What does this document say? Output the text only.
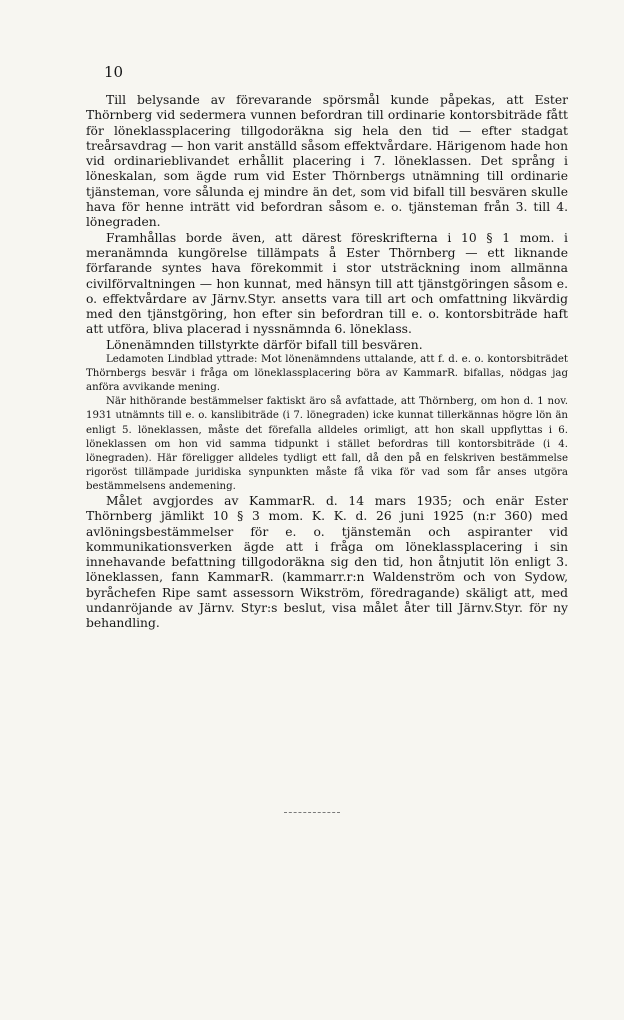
10

Till belysande av förevarande spörsmål kunde påpekas, att Ester Thörnberg vid sedermera vunnen befordran till ordinarie kontorsbiträde fått för löneklassplacering tillgodoräkna sig hela den tid — efter stadgat treårsavdrag — hon varit anställd såsom effektvårdare. Härigenom hade hon vid ordinarieblivandet erhållit placering i 7. löneklassen. Det språng i löneskalan, som ägde rum vid Ester Thörnbergs utnämning till ordinarie tjänsteman, vore sålunda ej mindre än det, som vid bifall till besvären skulle hava för henne inträtt vid befordran såsom e. o. tjänsteman från 3. till 4. lönegraden.

Framhållas borde även, att därest föreskrifterna i 10 § 1 mom. i meranämnda kungörelse tillämpats å Ester Thörnberg — ett liknande förfarande syntes hava förekommit i stor utsträckning inom allmänna civilförvaltningen — hon kunnat, med hänsyn till att tjänstgöringen såsom e. o. effektvårdare av Järnv.Styr. ansetts vara till art och omfattning likvärdig med den tjänstgöring, hon efter sin befordran till e. o. kontorsbiträde haft att utföra, bliva placerad i nyssnämnda 6. löneklass.

Lönenämnden tillstyrkte därför bifall till besvären.

Ledamoten Lindblad yttrade: Mot lönenämndens uttalande, att f. d. e. o. kontorsbiträdet Thörnbergs besvär i fråga om löneklassplacering böra av KammarR. bifallas, nödgas jag anföra avvikande mening.

När hithörande bestämmelser faktiskt äro så avfattade, att Thörnberg, om hon d. 1 nov. 1931 utnämnts till e. o. kanslibiträde (i 7. lönegraden) icke kunnat tillerkännas högre lön än enligt 5. löneklassen, måste det förefalla alldeles orimligt, att hon skall uppflyttas i 6. löneklassen om hon vid samma tidpunkt i stället befordras till kontorsbiträde (i 4. lönegraden). Här föreligger alldeles tydligt ett fall, då den på en felskriven bestämmelse rigoröst tillämpade juridiska synpunkten måste få vika för vad som får anses utgöra bestämmelsens andemening.

Målet avgjordes av KammarR. d. 14 mars 1935; och enär Ester Thörnberg jämlikt 10 § 3 mom. K. K. d. 26 juni 1925 (n:r 360) med avlöningsbestämmelser för e. o. tjänstemän och aspiranter vid kommunikationsverken ägde att i fråga om löneklassplacering i sin innehavande befattning tillgodoräkna sig den tid, hon åtnjutit lön enligt 3. löneklassen, fann KammarR. (kammarr.r:n Waldenström och von Sydow, byråchefen Ripe samt assessorn Wikström, föredragande) skäligt att, med undanröjande av Järnv. Styr:s beslut, visa målet åter till Järnv.Styr. för ny behandling.
